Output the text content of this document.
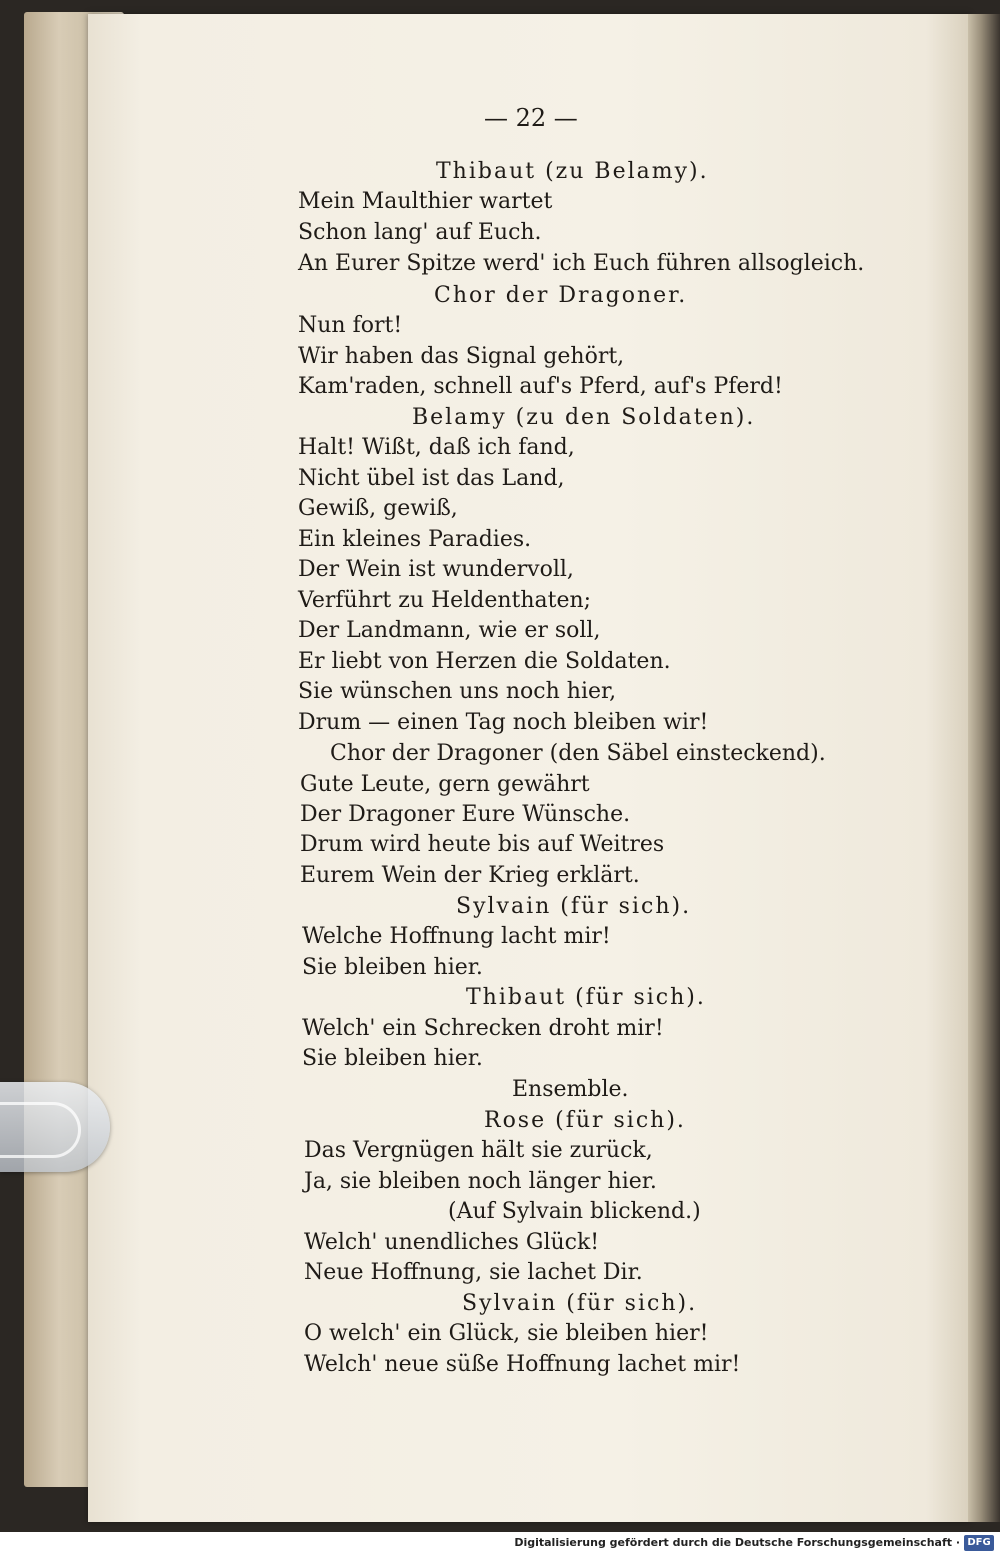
— 22 —
Thibaut (zu Belamy).
Mein Maulthier wartet
Schon lang' auf Euch.
An Eurer Spitze werd' ich Euch führen allsogleich.
Chor der Dragoner.
Nun fort!
Wir haben das Signal gehört,
Kam'raden, schnell auf's Pferd, auf's Pferd!
Belamy (zu den Soldaten).
Halt! Wißt, daß ich fand,
Nicht übel ist das Land,
Gewiß, gewiß,
Ein kleines Paradies.
Der Wein ist wundervoll,
Verführt zu Heldenthaten;
Der Landmann, wie er soll,
Er liebt von Herzen die Soldaten.
Sie wünschen uns noch hier,
Drum — einen Tag noch bleiben wir!
Chor der Dragoner (den Säbel einsteckend).
Gute Leute, gern gewährt
Der Dragoner Eure Wünsche.
Drum wird heute bis auf Weitres
Eurem Wein der Krieg erklärt.
Sylvain (für sich).
Welche Hoffnung lacht mir!
Sie bleiben hier.
Thibaut (für sich).
Welch' ein Schrecken droht mir!
Sie bleiben hier.
Ensemble.
Rose (für sich).
Das Vergnügen hält sie zurück,
Ja, sie bleiben noch länger hier.
(Auf Sylvain blickend.)
Welch' unendliches Glück!
Neue Hoffnung, sie lachet Dir.
Sylvain (für sich).
O welch' ein Glück, sie bleiben hier!
Welch' neue süße Hoffnung lachet mir!
Digitalisierung gefördert durch die Deutsche Forschungsgemeinschaft · DFG
